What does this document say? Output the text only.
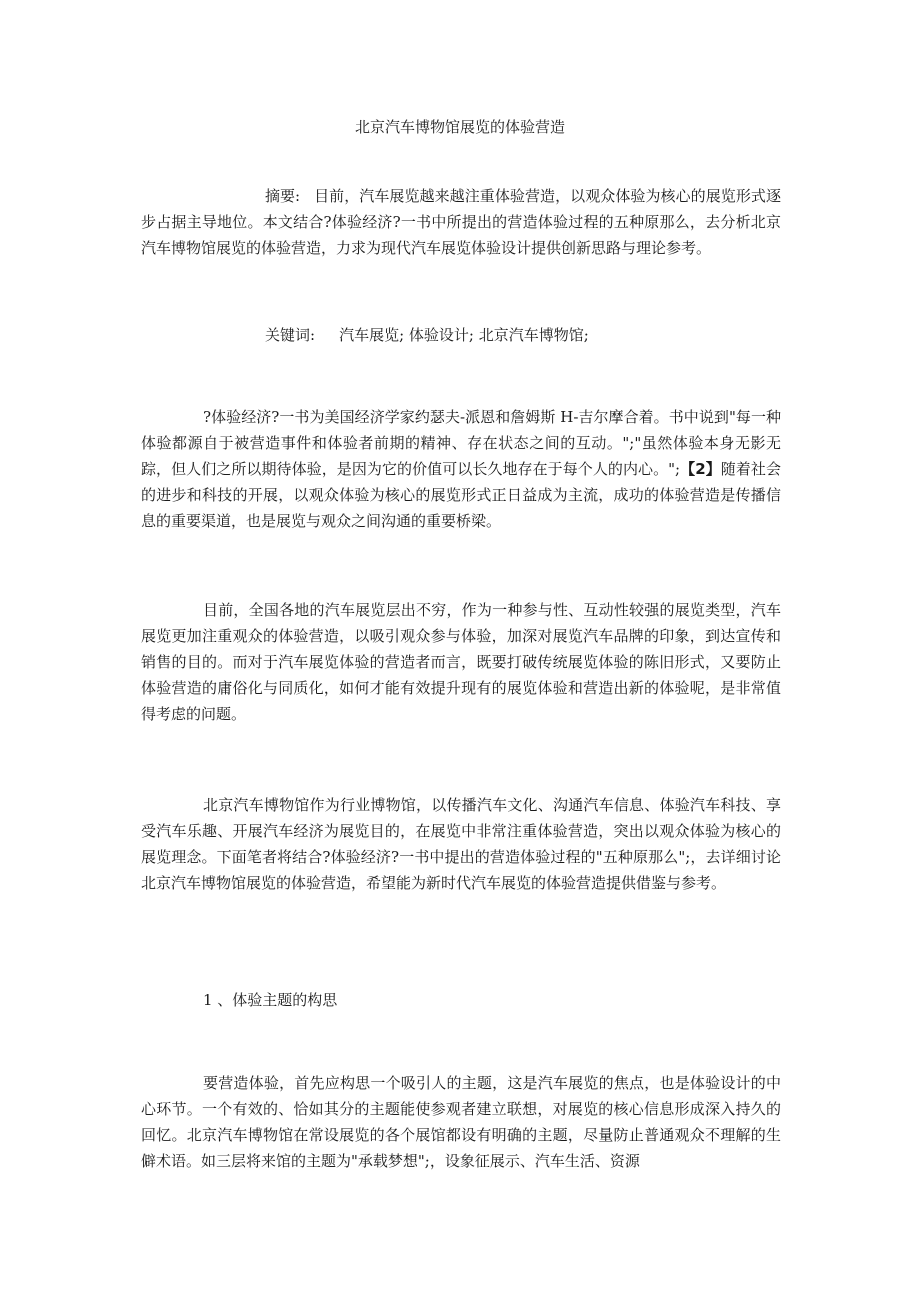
北京汽车博物馆展览的体验营造
摘要: 目前，汽车展览越来越注重体验营造，以观众体验为核心的展览形式逐步占据主导地位。本文结合?体验经济?一书中所提出的营造体验过程的五种原那么，去分析北京汽车博物馆展览的体验营造，力求为现代汽车展览体验设计提供创新思路与理论参考。
关键词: 汽车展览; 体验设计; 北京汽车博物馆;
?体验经济?一书为美国经济学家约瑟夫-派恩和詹姆斯 H-吉尔摩合着。书中说到"每一种体验都源自于被营造事件和体验者前期的精神、存在状态之间的互动。";"虽然体验本身无影无踪，但人们之所以期待体验，是因为它的价值可以长久地存在于每个人的内心。";【2】随着社会的进步和科技的开展，以观众体验为核心的展览形式正日益成为主流，成功的体验营造是传播信息的重要渠道，也是展览与观众之间沟通的重要桥梁。
目前，全国各地的汽车展览层出不穷，作为一种参与性、互动性较强的展览类型，汽车展览更加注重观众的体验营造，以吸引观众参与体验，加深对展览汽车品牌的印象，到达宣传和销售的目的。而对于汽车展览体验的营造者而言，既要打破传统展览体验的陈旧形式，又要防止体验营造的庸俗化与同质化，如何才能有效提升现有的展览体验和营造出新的体验呢，是非常值得考虑的问题。
北京汽车博物馆作为行业博物馆，以传播汽车文化、沟通汽车信息、体验汽车科技、享受汽车乐趣、开展汽车经济为展览目的，在展览中非常注重体验营造，突出以观众体验为核心的展览理念。下面笔者将结合?体验经济?一书中提出的营造体验过程的"五种原那么";，去详细讨论北京汽车博物馆展览的体验营造，希望能为新时代汽车展览的体验营造提供借鉴与参考。
1 、体验主题的构思
要营造体验，首先应构思一个吸引人的主题，这是汽车展览的焦点，也是体验设计的中心环节。一个有效的、恰如其分的主题能使参观者建立联想，对展览的核心信息形成深入持久的回忆。北京汽车博物馆在常设展览的各个展馆都设有明确的主题，尽量防止普通观众不理解的生僻术语。如三层将来馆的主题为"承载梦想";，设象征展示、汽车生活、资源
